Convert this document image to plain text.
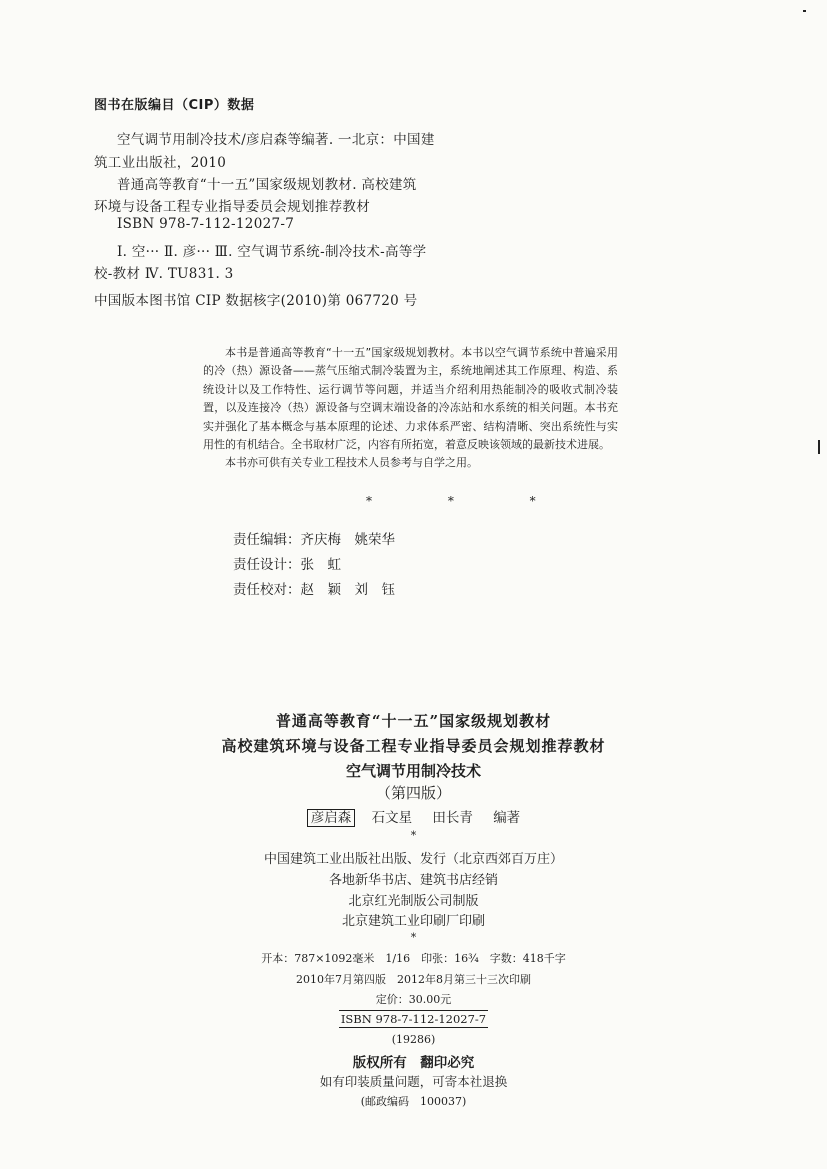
图书在版编目（CIP）数据
空气调节用制冷技术/彦启森等编著. 一北京：中国建
筑工业出版社，2010
普通高等教育“十一五”国家级规划教材. 高校建筑
环境与设备工程专业指导委员会规划推荐教材
ISBN 978-7-112-12027-7
Ⅰ. 空··· Ⅱ. 彦··· Ⅲ. 空气调节系统-制冷技术-高等学
校-教材 Ⅳ. TU831. 3
中国版本图书馆 CIP 数据核字(2010)第 067720 号

本书是普通高等教育“十一五”国家级规划教材。本书以空气调节系统中普遍采用的冷（热）源设备——蒸气压缩式制冷装置为主，系统地阐述其工作原理、构造、系统设计以及工作特性、运行调节等问题，并适当介绍利用热能制冷的吸收式制冷装置，以及连接冷（热）源设备与空调末端设备的冷冻站和水系统的相关问题。本书充实并强化了基本概念与基本原理的论述、力求体系严密、结构清晰、突出系统性与实用性的有机结合。全书取材广泛，内容有所拓宽，着意反映该领域的最新技术进展。

本书亦可供有关专业工程技术人员参考与自学之用。

* * *
责任编辑：齐庆梅　姚荣华
责任设计：张　虹
责任校对：赵　颖　刘　钰
普通高等教育“十一五”国家级规划教材
高校建筑环境与设备工程专业指导委员会规划推荐教材
空气调节用制冷技术
（第四版）
彦启森 石文星 田长青 编著
*
中国建筑工业出版社出版、发行（北京西郊百万庄）
各地新华书店、建筑书店经销
北京红光制版公司制版
北京建筑工业印刷厂印刷
*
开本：787×1092毫米　1/16　印张：16¾　字数：418千字
2010年7月第四版　2012年8月第三十三次印刷
定价：30.00元
ISBN 978-7-112-12027-7
(19286)
版权所有　翻印必究
如有印装质量问题，可寄本社退换
(邮政编码　100037)
